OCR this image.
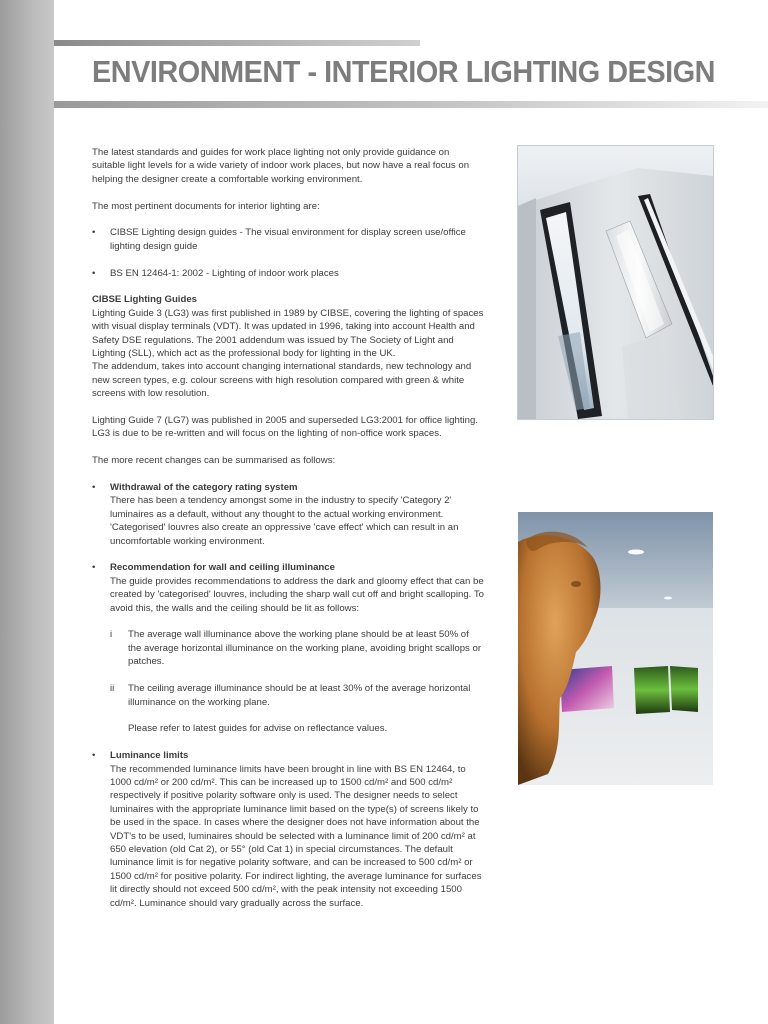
ENVIRONMENT - INTERIOR LIGHTING DESIGN

The latest standards and guides for work place lighting not only provide guidance on suitable light levels for a wide variety of indoor work places, but now have a real focus on helping the designer create a comfortable working environment.

The most pertinent documents for interior lighting are:

• CIBSE Lighting design guides - The visual environment for display screen use/office lighting design guide
• BS EN 12464-1: 2002 - Lighting of indoor work places

CIBSE Lighting Guides

Lighting Guide 3 (LG3) was first published in 1989 by CIBSE, covering the lighting of spaces with visual display terminals (VDT). It was updated in 1996, taking into account Health and Safety DSE regulations. The 2001 addendum was issued by The Society of Light and Lighting (SLL), which act as the professional body for lighting in the UK.

The addendum, takes into account changing international standards, new technology and new screen types, e.g. colour screens with high resolution compared with green & white screens with low resolution.

Lighting Guide 7 (LG7) was published in 2005 and superseded LG3:2001 for office lighting. LG3 is due to be re-written and will focus on the lighting of non-office work spaces.

The more recent changes can be summarised as follows:

• Withdrawal of the category rating system
There has been a tendency amongst some in the industry to specify 'Category 2' luminaires as a default, without any thought to the actual working environment. 'Categorised' louvres also create an oppressive 'cave effect' which can result in an uncomfortable working environment.
• Recommendation for wall and ceiling illuminance
The guide provides recommendations to address the dark and gloomy effect that can be created by 'categorised' louvres, including the sharp wall cut off and bright scalloping. To avoid this, the walls and the ceiling should be lit as follows:
i The average wall illuminance above the working plane should be at least 50% of the average horizontal illuminance on the working plane, avoiding bright scallops or patches.
ii The ceiling average illuminance should be at least 30% of the average horizontal illuminance on the working plane.

Please refer to latest guides for advise on reflectance values.

• Luminance limits
The recommended luminance limits have been brought in line with BS EN 12464, to 1000 cd/m² or 200 cd/m². This can be increased up to 1500 cd/m² and 500 cd/m² respectively if positive polarity software only is used. The designer needs to select luminaires with the appropriate luminance limit based on the type(s) of screens likely to be used in the space. In cases where the designer does not have information about the VDT's to be used, luminaires should be selected with a luminance limit of 200 cd/m² at 650 elevation (old Cat 2), or 55° (old Cat 1) in special circumstances. The default luminance limit is for negative polarity software, and can be increased to 500 cd/m² or 1500 cd/m² for positive polarity. For indirect lighting, the average luminance for surfaces lit directly should not exceed 500 cd/m², with the peak intensity not exceeding 1500 cd/m². Luminance should vary gradually across the surface.
